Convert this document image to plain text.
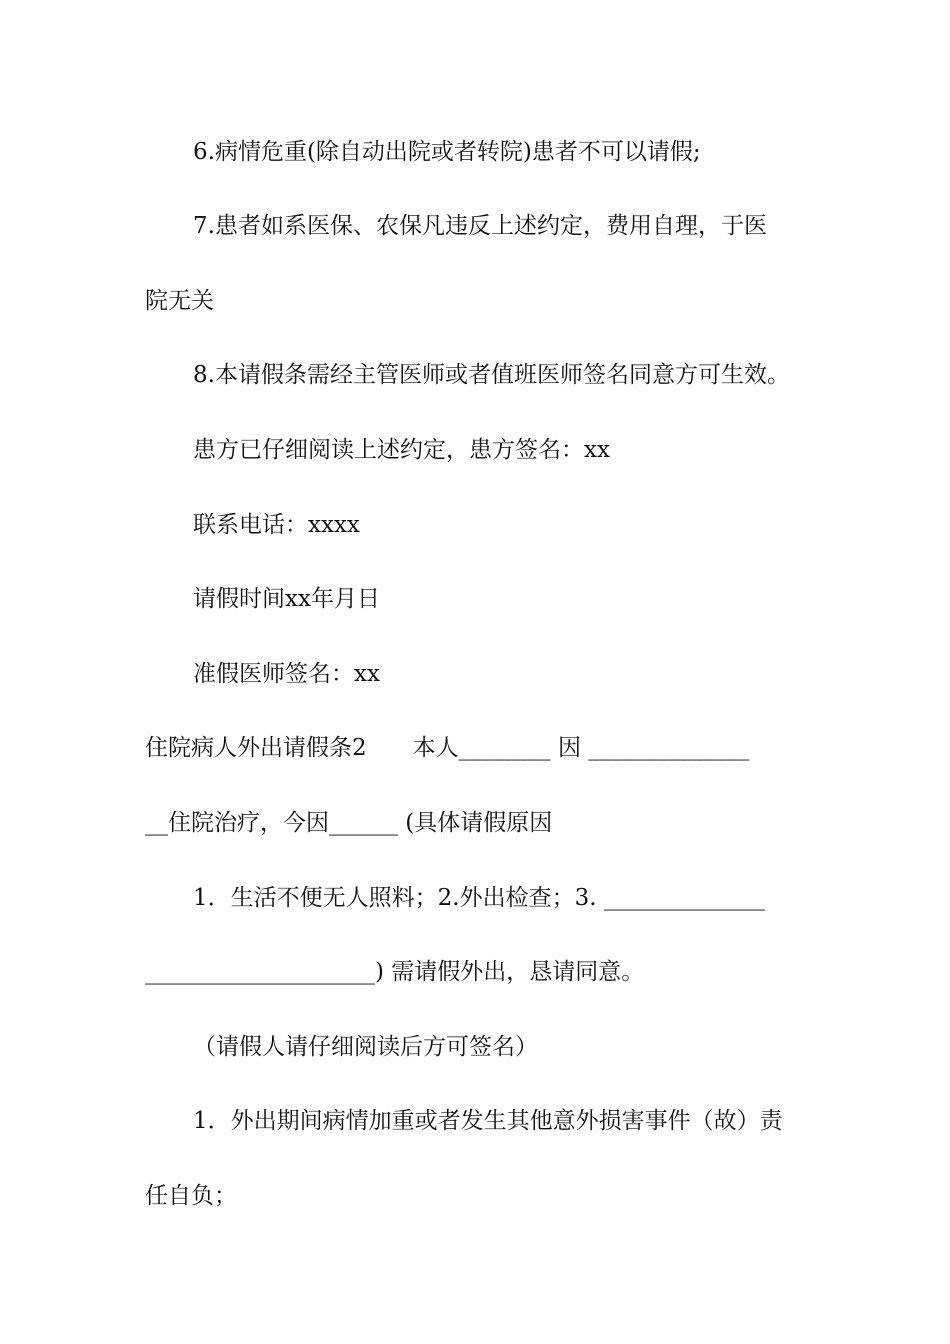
6.病情危重(除自动出院或者转院)患者不可以请假;
7.患者如系医保、农保凡违反上述约定，费用自理，于医
院无关
8.本请假条需经主管医师或者值班医师签名同意方可生效。
患方已仔细阅读上述约定，患方签名：xx
联系电话：xxxx
请假时间xx年月日
准假医师签名：xx
住院病人外出请假条2　　本人________ 因 ______________
__住院治疗，今因______ (具体请假原因
1．生活不便无人照料；2.外出检查；3. ______________
____________________) 需请假外出，恳请同意。
（请假人请仔细阅读后方可签名）
1．外出期间病情加重或者发生其他意外损害事件（故）责
任自负；
